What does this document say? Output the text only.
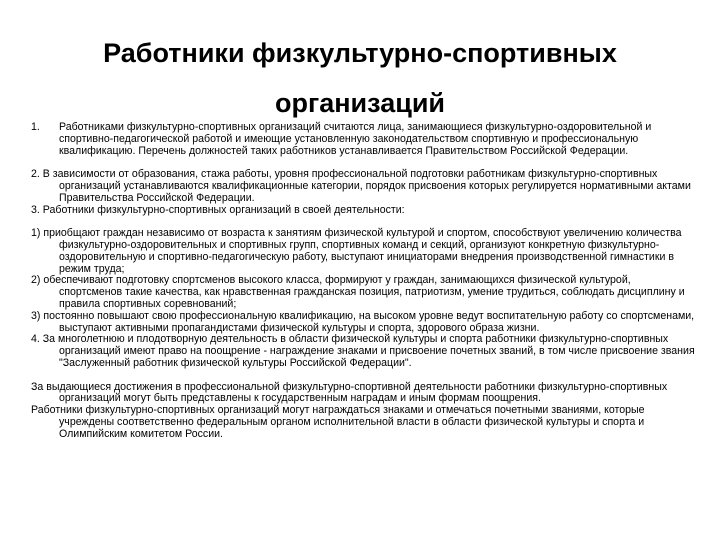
Работники физкультурно-спортивных
организаций
1.	Работниками физкультурно-спортивных организаций считаются лица, занимающиеся физкультурно-оздоровительной и спортивно-педагогической работой и имеющие установленную законодательством спортивную и профессиональную квалификацию. Перечень должностей таких работников устанавливается Правительством Российской Федерации.

2. В зависимости от образования, стажа работы, уровня профессиональной подготовки работникам физкультурно-спортивных организаций устанавливаются квалификационные категории, порядок присвоения которых регулируется нормативными актами Правительства Российской Федерации.

3. Работники физкультурно-спортивных организаций в своей деятельности:

1) приобщают граждан независимо от возраста к занятиям физической культурой и спортом, способствуют увеличению количества физкультурно-оздоровительных и спортивных групп, спортивных команд и секций, организуют конкретную физкультурно-оздоровительную и спортивно-педагогическую работу, выступают инициаторами внедрения производственной гимнастики в режим труда;

2) обеспечивают подготовку спортсменов высокого класса, формируют у граждан, занимающихся физической культурой, спортсменов такие качества, как нравственная гражданская позиция, патриотизм, умение трудиться, соблюдать дисциплину и правила спортивных соревнований;

3) постоянно повышают свою профессиональную квалификацию, на высоком уровне ведут воспитательную работу со спортсменами, выступают активными пропагандистами физической культуры и спорта, здорового образа жизни.

4. За многолетнюю и плодотворную деятельность в области физической культуры и спорта работники физкультурно-спортивных организаций имеют право на поощрение - награждение знаками и присвоение почетных званий, в том числе присвоение звания "Заслуженный работник физической культуры Российской Федерации".

За выдающиеся достижения в профессиональной физкультурно-спортивной деятельности работники физкультурно-спортивных организаций могут быть представлены к государственным наградам и иным формам поощрения.

Работники физкультурно-спортивных организаций могут награждаться знаками и отмечаться почетными званиями, которые учреждены соответственно федеральным органом исполнительной власти в области физической культуры и спорта и Олимпийским комитетом России.
